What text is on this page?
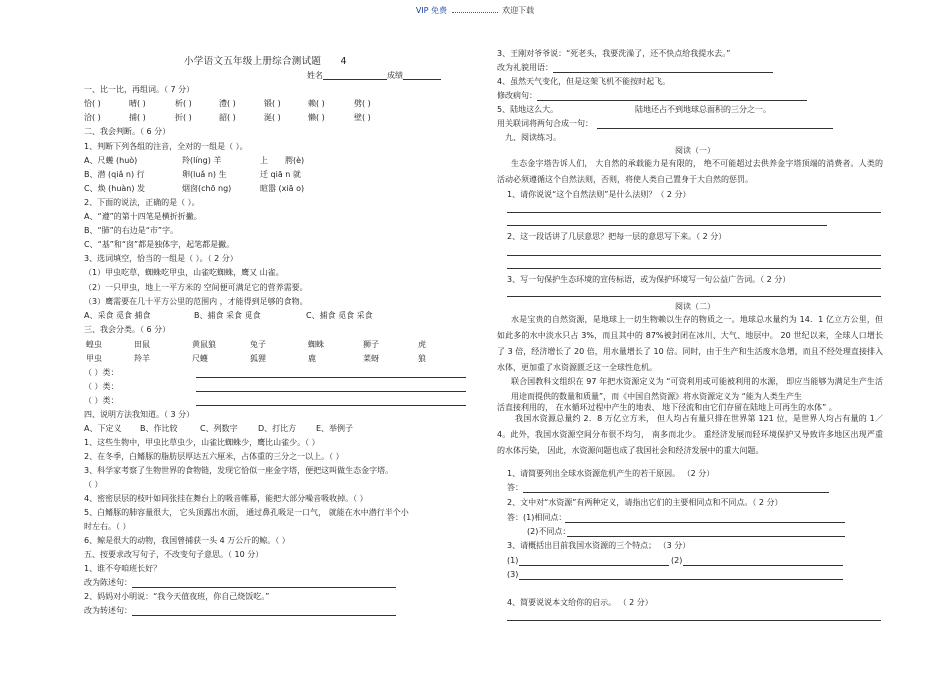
VIP 免费	欢迎下载
小学语文五年级上册综合测试题 4
姓名	成绩
一、比一比，再组词。（ 7 分）
恰( )	晴( )	析( )	澧( )	锻( )	赖( )	劈( )
洽( )	捕( )	折( )	韶( )	涎( )	懒( )	壁( )
二、我会判断。（ 6 分）
1、判断下列各组的注音，全对的一组是（ ）。
A、尺蠖 (huò)	羚(líng) 羊	上 腭(è)
B、潜 (qiǎ n) 行	卵(luǎ n) 生	迁 qiā n 就
C、焕 (huàn) 发	烟囱(chō ng)	暄嚣 (xiā o)
2、下面的说法，正确的是（ ）。
A、“遵”的第十四笔是横折折撇。
B、“肺”的右边是“市”字。
C、“基”和“囱”都是独体字，起笔都是撇。
3、选词填空，恰当的一组是（ ）。（ 2 分）
（1）甲虫吃草，蜘蛛吃甲虫，山雀吃蜘蛛，鹰又 山雀。
（2）一只甲虫，地上一平方米的 空间便可满足它的营养需要。
（3）鹰需要在几十平方公里的范围内 ，才能得到足够的食物。
A、采食 觅食 捕食	B、捕食 采食 觅食	C、捕食 觅食 采食
三、我会分类。（ 6 分）
蝗虫	田鼠	黄鼠狼	兔子	蜘蛛	狮子	虎
甲虫	羚羊	尺蠖	狐狸	鹿	菜蚜	狼
（ ）类：
（ ）类：
（ ）类：
四、说明方法我知道。（ 3 分）
A、下定义 B、作比较	C、列数字	D、打比方 E、举例子
1、这些生物中，甲虫比草虫少，山雀比蜘蛛少，鹰比山雀少。（ ）
2、在冬季，白鳍豚的脂肪层厚达五六厘米，占体重的三分之一以上。（ ）
3、科学家考察了生物世界的食物链，发现它恰似一座金字塔，便把这叫做生态金字塔。
（ ）
4、密密层层的枝叶如同张挂在舞台上的吸音帷幕，能把大部分噪音吸收掉。（ ）
5、白鳍豚的肺容量很大， 它头顶露出水面， 通过鼻孔吸足一口气， 就能在水中潜行半个小
时左右。（ ）
6、鲸是很大的动物，我国曾捕获一头 4 万公斤的鲸。（ ）
五、按要求改写句子，不改变句子意思。（ 10 分）
1、谁不夸咱班长好？
改为陈述句：
2、妈妈对小明说：“我今天值夜班，你自己烧饭吃。”
改为转述句：
3、王刚对爷爷说：“死老头，我要洗澡了，还不快点给我提水去。”
改为礼貌用语：
4、虽然天气变化，但是这架飞机不能按时起飞。
修改病句：
5、陆地这么大。	陆地还占不到地球总面积的三分之一。
用关联词将两句合成一句：
九、阅读练习。
阅读（一）
生态金字塔告诉人们， 大自然的承载能力是有限的， 绝不可能超过去供养金字塔顶端的消费者。人类的活动必须遵循这个自然法则，否则，将使人类自己置身于大自然的惩罚。
1、请你说说“这个自然法则”是什么法则？（ 2 分）
2、这一段话讲了几层意思？把每一层的意思写下来。（ 2 分）
3、写一句保护生态环境的宣传标语，或为保护环境写一句公益广告词。（ 2 分）
阅读（二）
水是宝贵的自然资源，是地球上一切生物赖以生存的物质之一。地球总水量约为 14．1 亿立方公里，但如此多的水中淡水只占 3%，而且其中的 87%被封闭在冰川、大气、地层中。 20 世纪以来，全球人口增长了 3 倍，经济增长了 20 倍，用水量增长了 10 倍。同时，由于生产和生活废水急增，而且不经处理直接排入水体，更加重了水资源匮乏这一全球性危机。
联合国教科文组织在 97 年把水资源定义为 “可资利用或可能被利用的水源， 即应当能够为满足生产生活用途而提供的数量和质量”，而《中国自然资源》将水资源定义为 “能为人类生产生
活直接利用的， 在水循环过程中产生的地表、 地下径流和由它们存留在陆地上可再生的水体” 。
我国水资源总量约 2．8 万亿立方米， 但人均占有量只排在世界第 121 位，是世界人均占有量的 1／4。此外，我国水资源空间分布很不均匀， 南多而北少。 重经济发展而轻环境保护又导致许多地区出现严重的水体污染， 因此，水资源问题也成了我国社会和经济发展中的重大问题。
1、请简要列出全球水资源危机产生的若干原因。 （2 分）
答：
2、文中对“水资源”有两种定义，请指出它们的主要相同点和不同点。（ 2 分）
答：(1)相同点：
(2)不同点：
3、请概括出目前我国水资源的三个特点； （3 分）
(1)	(2)
(3)
4、简要说说本文给你的启示。 （ 2 分）
